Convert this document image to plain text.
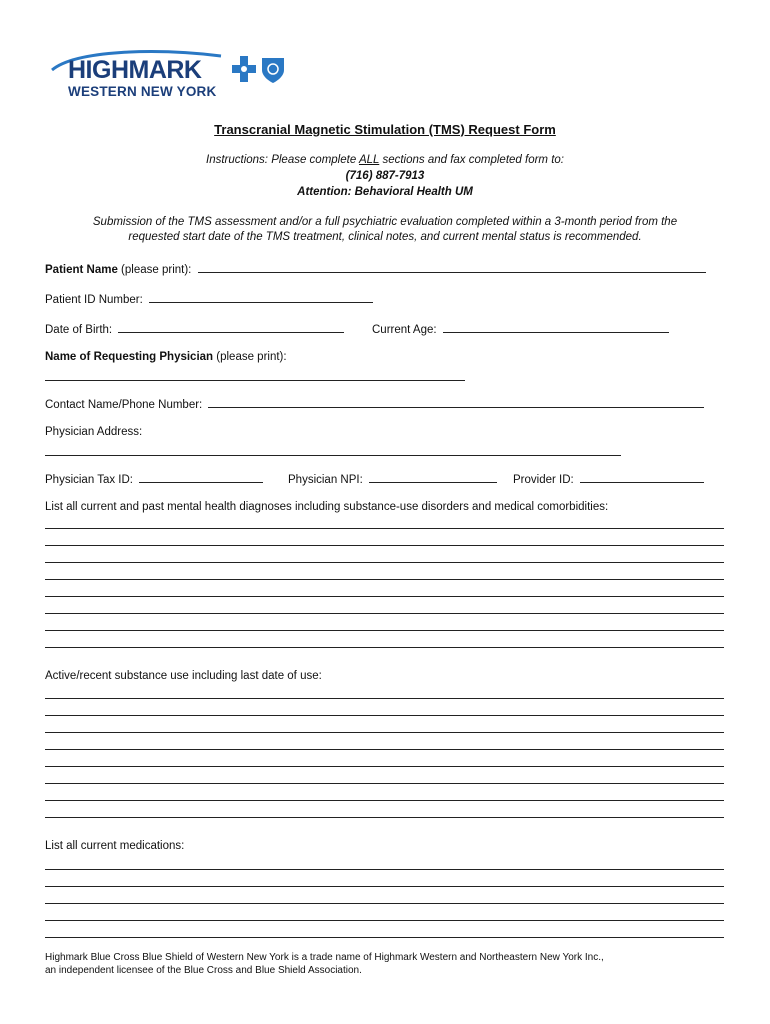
HIGHMARK
WESTERN NEW YORK
Transcranial Magnetic Stimulation (TMS) Request Form
Instructions: Please complete ALL sections and fax completed form to:
(716) 887-7913
Attention: Behavioral Health UM
Submission of the TMS assessment and/or a full psychiatric evaluation completed within a 3-month period from the
requested start date of the TMS treatment, clinical notes, and current mental status is recommended.
Patient Name (please print):
Patient ID Number:
Date of Birth:	Current Age:
Name of Requesting Physician (please print):
Contact Name/Phone Number:
Physician Address:
Physician Tax ID:	Physician NPI:	Provider ID:
List all current and past mental health diagnoses including substance-use disorders and medical comorbidities:
Active/recent substance use including last date of use:
List all current medications:
Highmark Blue Cross Blue Shield of Western New York is a trade name of Highmark Western and Northeastern New York Inc.,
an independent licensee of the Blue Cross and Blue Shield Association.
